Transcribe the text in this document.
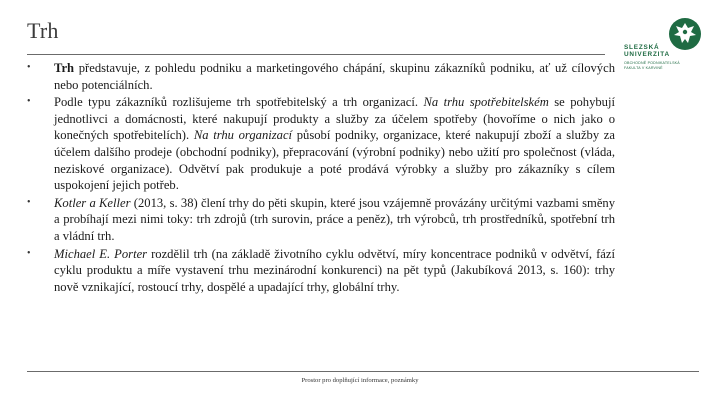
Trh
SLEZSKÁ
UNIVERZITA
OBCHODNĚ PODNIKATELSKÁ
FAKULTA V KARVINÉ
•	Trh představuje, z pohledu podniku a marketingového chápání, skupinu zákazníků podniku, ať už cílových nebo potenciálních.
•	Podle typu zákazníků rozlišujeme trh spotřebitelský a trh organizací. Na trhu spotřebitelském se pohybují jednotlivci a domácnosti, které nakupují produkty a služby za účelem spotřeby (hovoříme o nich jako o konečných spotřebitelích). Na trhu organizací působí podniky, organizace, které nakupují zboží a služby za účelem dalšího prodeje (obchodní podniky), přepracování (výrobní podniky) nebo užití pro společnost (vláda, neziskové organizace). Odvětví pak produkuje a poté prodává výrobky a služby pro zákazníky s cílem uspokojení jejich potřeb.
•	Kotler a Keller (2013, s. 38) člení trhy do pěti skupin, které jsou vzájemně provázány určitými vazbami směny a probíhají mezi nimi toky: trh zdrojů (trh surovin, práce a peněz), trh výrobců, trh prostředníků, spotřební trh a vládní trh.
•	Michael E. Porter rozdělil trh (na základě životního cyklu odvětví, míry koncentrace podniků v odvětví, fází cyklu produktu a míře vystavení trhu mezinárodní konkurenci) na pět typů (Jakubíková 2013, s. 160): trhy nově vznikající, rostoucí trhy, dospělé a upadající trhy, globální trhy.
Prostor pro doplňující informace, poznámky
